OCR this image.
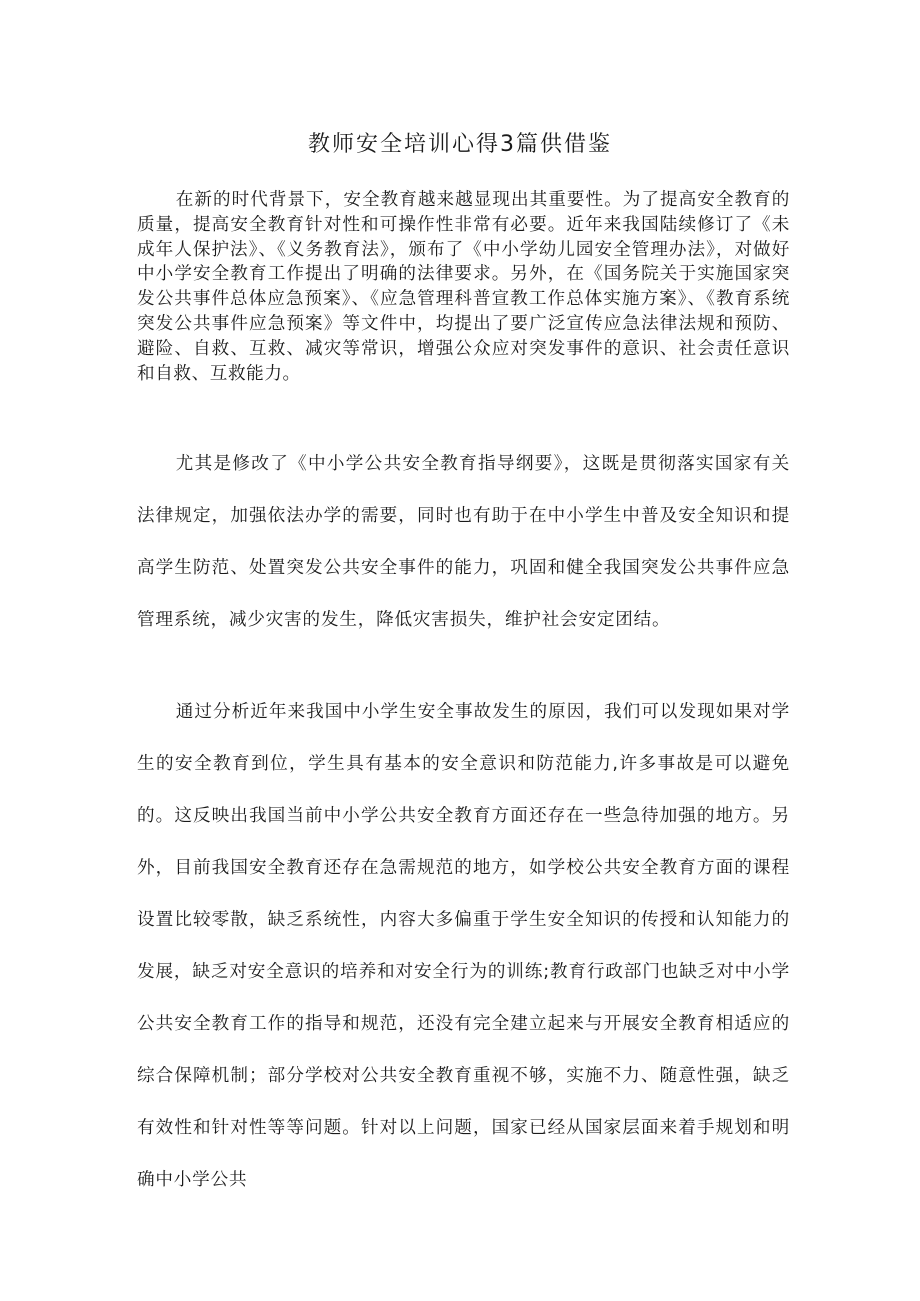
教师安全培训心得3篇供借鉴

在新的时代背景下，安全教育越来越显现出其重要性。为了提高安全教育的质量，提高安全教育针对性和可操作性非常有必要。近年来我国陆续修订了《未成年人保护法》、《义务教育法》，颁布了《中小学幼儿园安全管理办法》，对做好中小学安全教育工作提出了明确的法律要求。另外，在《国务院关于实施国家突发公共事件总体应急预案》、《应急管理科普宣教工作总体实施方案》、《教育系统突发公共事件应急预案》等文件中，均提出了要广泛宣传应急法律法规和预防、避险、自救、互救、减灾等常识，增强公众应对突发事件的意识、社会责任意识和自救、互救能力。

尤其是修改了《中小学公共安全教育指导纲要》，这既是贯彻落实国家有关法律规定，加强依法办学的需要，同时也有助于在中小学生中普及安全知识和提高学生防范、处置突发公共安全事件的能力，巩固和健全我国突发公共事件应急管理系统，减少灾害的发生，降低灾害损失，维护社会安定团结。

通过分析近年来我国中小学生安全事故发生的原因，我们可以发现如果对学生的安全教育到位，学生具有基本的安全意识和防范能力,许多事故是可以避免的。这反映出我国当前中小学公共安全教育方面还存在一些急待加强的地方。另外，目前我国安全教育还存在急需规范的地方，如学校公共安全教育方面的课程设置比较零散，缺乏系统性，内容大多偏重于学生安全知识的传授和认知能力的发展，缺乏对安全意识的培养和对安全行为的训练;教育行政部门也缺乏对中小学公共安全教育工作的指导和规范，还没有完全建立起来与开展安全教育相适应的综合保障机制；部分学校对公共安全教育重视不够，实施不力、随意性强，缺乏有效性和针对性等等问题。针对以上问题，国家已经从国家层面来着手规划和明确中小学公共
